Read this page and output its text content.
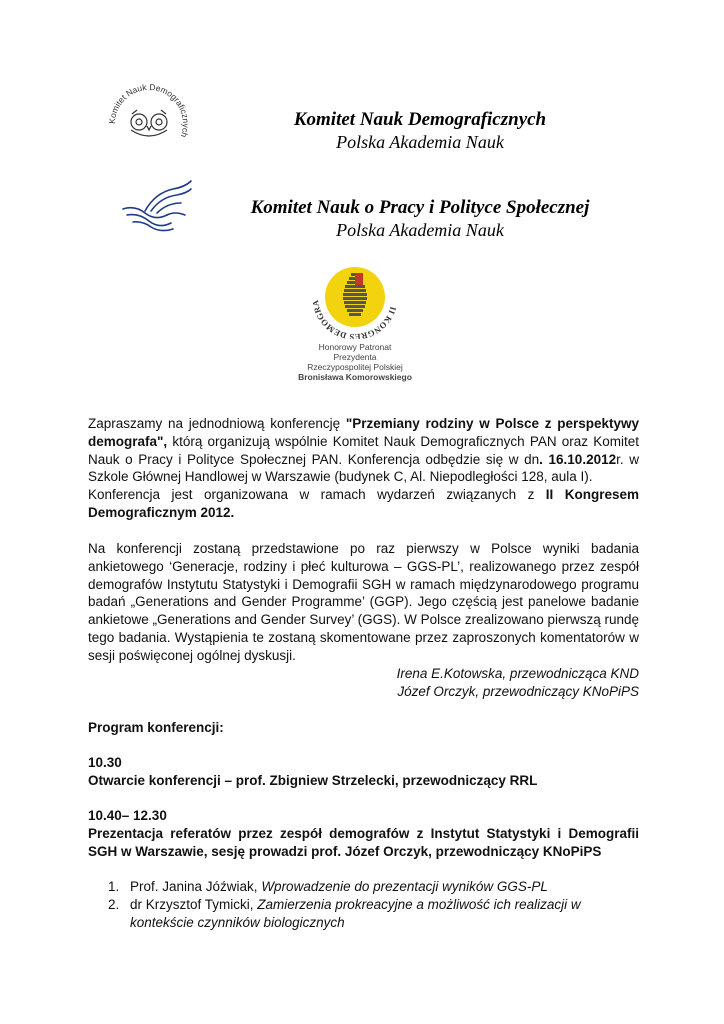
Komitet Nauk Demograficznych
Komitet Nauk Demograficznych
Polska Akademia Nauk
Komitet Nauk o Pracy i Polityce Społecznej
Polska Akademia Nauk
I KONGRES DEMOG
Honorowy Patronat
Prezydenta
Rzeczypospolitej Polskiej
Bronisława Komorowskiego
Zapraszamy na jednodniową konferencję "Przemiany rodziny w Polsce z perspektywy demografa", którą organizują wspólnie Komitet Nauk Demograficznych PAN oraz Komitet Nauk o Pracy i Polityce Społecznej PAN. Konferencja odbędzie się w dn. 16.10.2012r. w Szkole Głównej Handlowej w Warszawie (budynek C, Al. Niepodległości 128, aula I).
Konferencja jest organizowana w ramach wydarzeń związanych z II Kongresem Demograficznym 2012.
Na konferencji zostaną przedstawione po raz pierwszy w Polsce wyniki badania ankietowego ‘Generacje, rodziny i płeć kulturowa – GGS-PL’, realizowanego przez zespół demografów Instytutu Statystyki i Demografii SGH w ramach międzynarodowego programu badań „Generations and Gender Programme’ (GGP). Jego częścią jest panelowe badanie ankietowe „Generations and Gender Survey’ (GGS). W Polsce zrealizowano pierwszą rundę tego badania. Wystąpienia te zostaną skomentowane przez zaproszonych komentatorów w sesji poświęconej ogólnej dyskusji.
Irena E.Kotowska, przewodnicząca KND
Józef Orczyk, przewodniczący KNoPiPS
Program konferencji:
10.30
Otwarcie konferencji – prof. Zbigniew Strzelecki, przewodniczący RRL
10.40– 12.30
Prezentacja referatów przez zespół demografów z Instytut Statystyki i Demografii SGH w Warszawie, sesję prowadzi prof. Józef Orczyk, przewodniczący KNoPiPS
1. Prof. Janina Jóźwiak, Wprowadzenie do prezentacji wyników GGS-PL
2. dr Krzysztof Tymicki, Zamierzenia prokreacyjne a możliwość ich realizacji w kontekście czynników biologicznych
